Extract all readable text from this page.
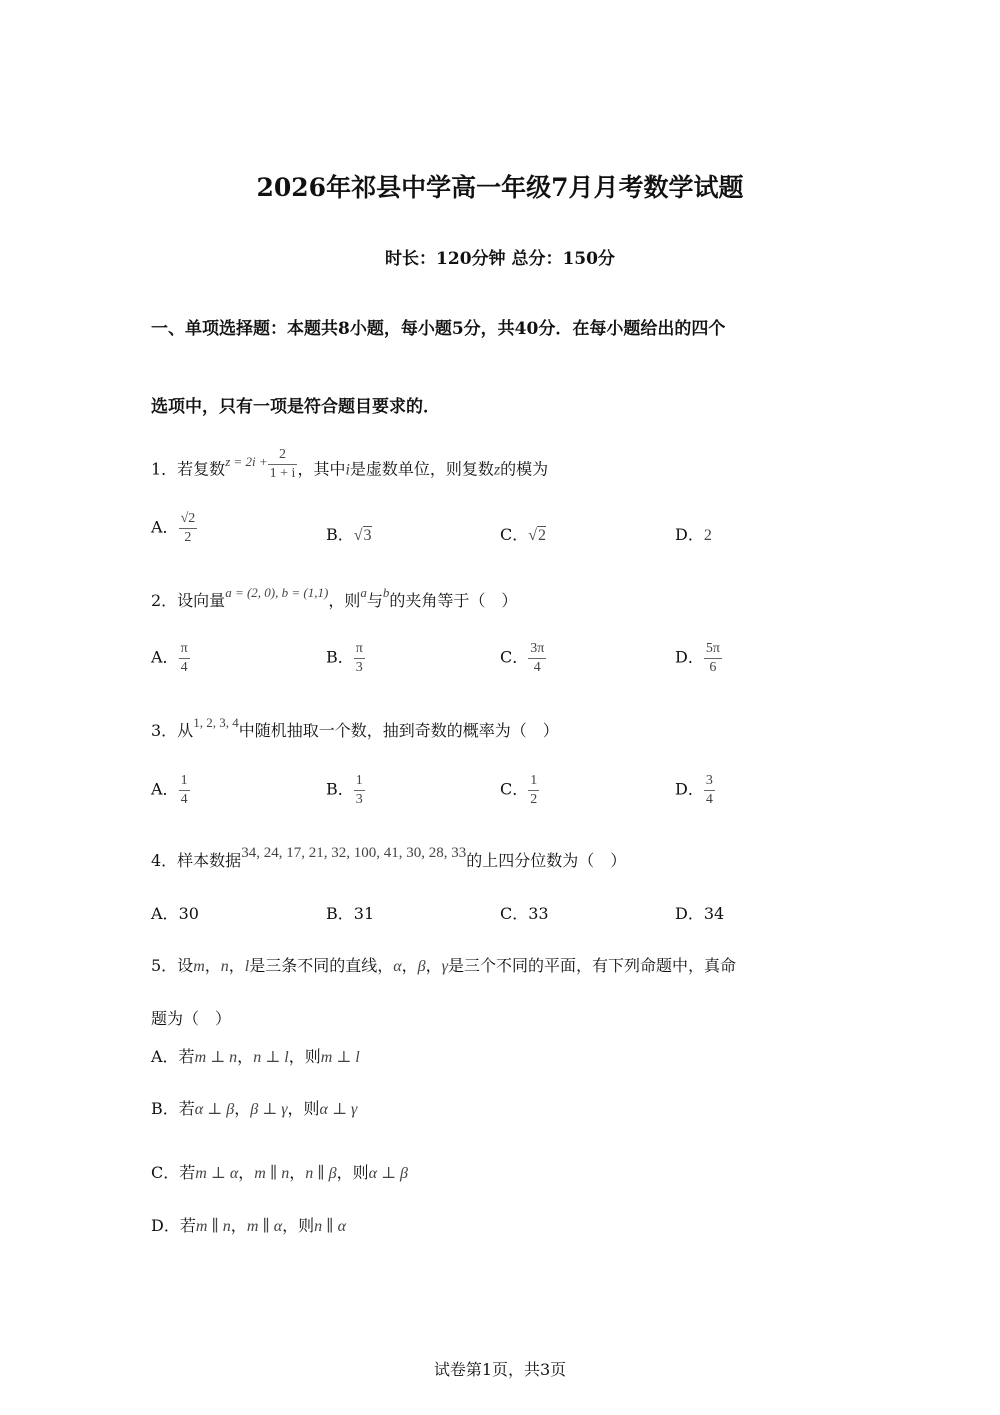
2026年祁县中学高一年级7月月考数学试题
时长：120分钟 总分：150分
一、单项选择题：本题共8小题，每小题5分，共40分．在每小题给出的四个
选项中，只有一项是符合题目要求的．
1．若复数$^{z = 2i +} \frac{2}{1 + i}$ ，其中i是虚数单位，则复数z的模为
A． $\frac{√2}{2}$	B．√3	C．√2	D．2
2．设向量$^{a = (2, 0), b = (1,1)}$，则$^a$与$^b$的夹角等于（　）
A． $\frac{\pi}{4}$	B． $\frac{\pi}{3}$	C． $\frac{3\pi}{4}$	D． $\frac{5\pi}{6}$
3．从$^{1, 2, 3, 4}$中随机抽取一个数，抽到奇数的概率为（　）
A． $\frac{1}{4}$	B． $\frac{1}{3}$	C． $\frac{1}{2}$	D． $\frac{3}{4}$
4．样本数据34, 24, 17, 21, 32, 100, 41, 30, 28, 33的上四分位数为（　）
A．30	B．31	C．33	D．34
5．设m，n，l是三条不同的直线，α，β，γ是三个不同的平面，有下列命题中，真命
题为（　）
A．若m ⊥ n，n ⊥ l，则m ⊥ l
B．若α ⊥ β，β ⊥ γ，则α ⊥ γ
C．若m ⊥ α，m ∥ n，n ∥ β，则α ⊥ β
D．若m ∥ n，m ∥ α，则n ∥ α
试卷第1页，共3页
